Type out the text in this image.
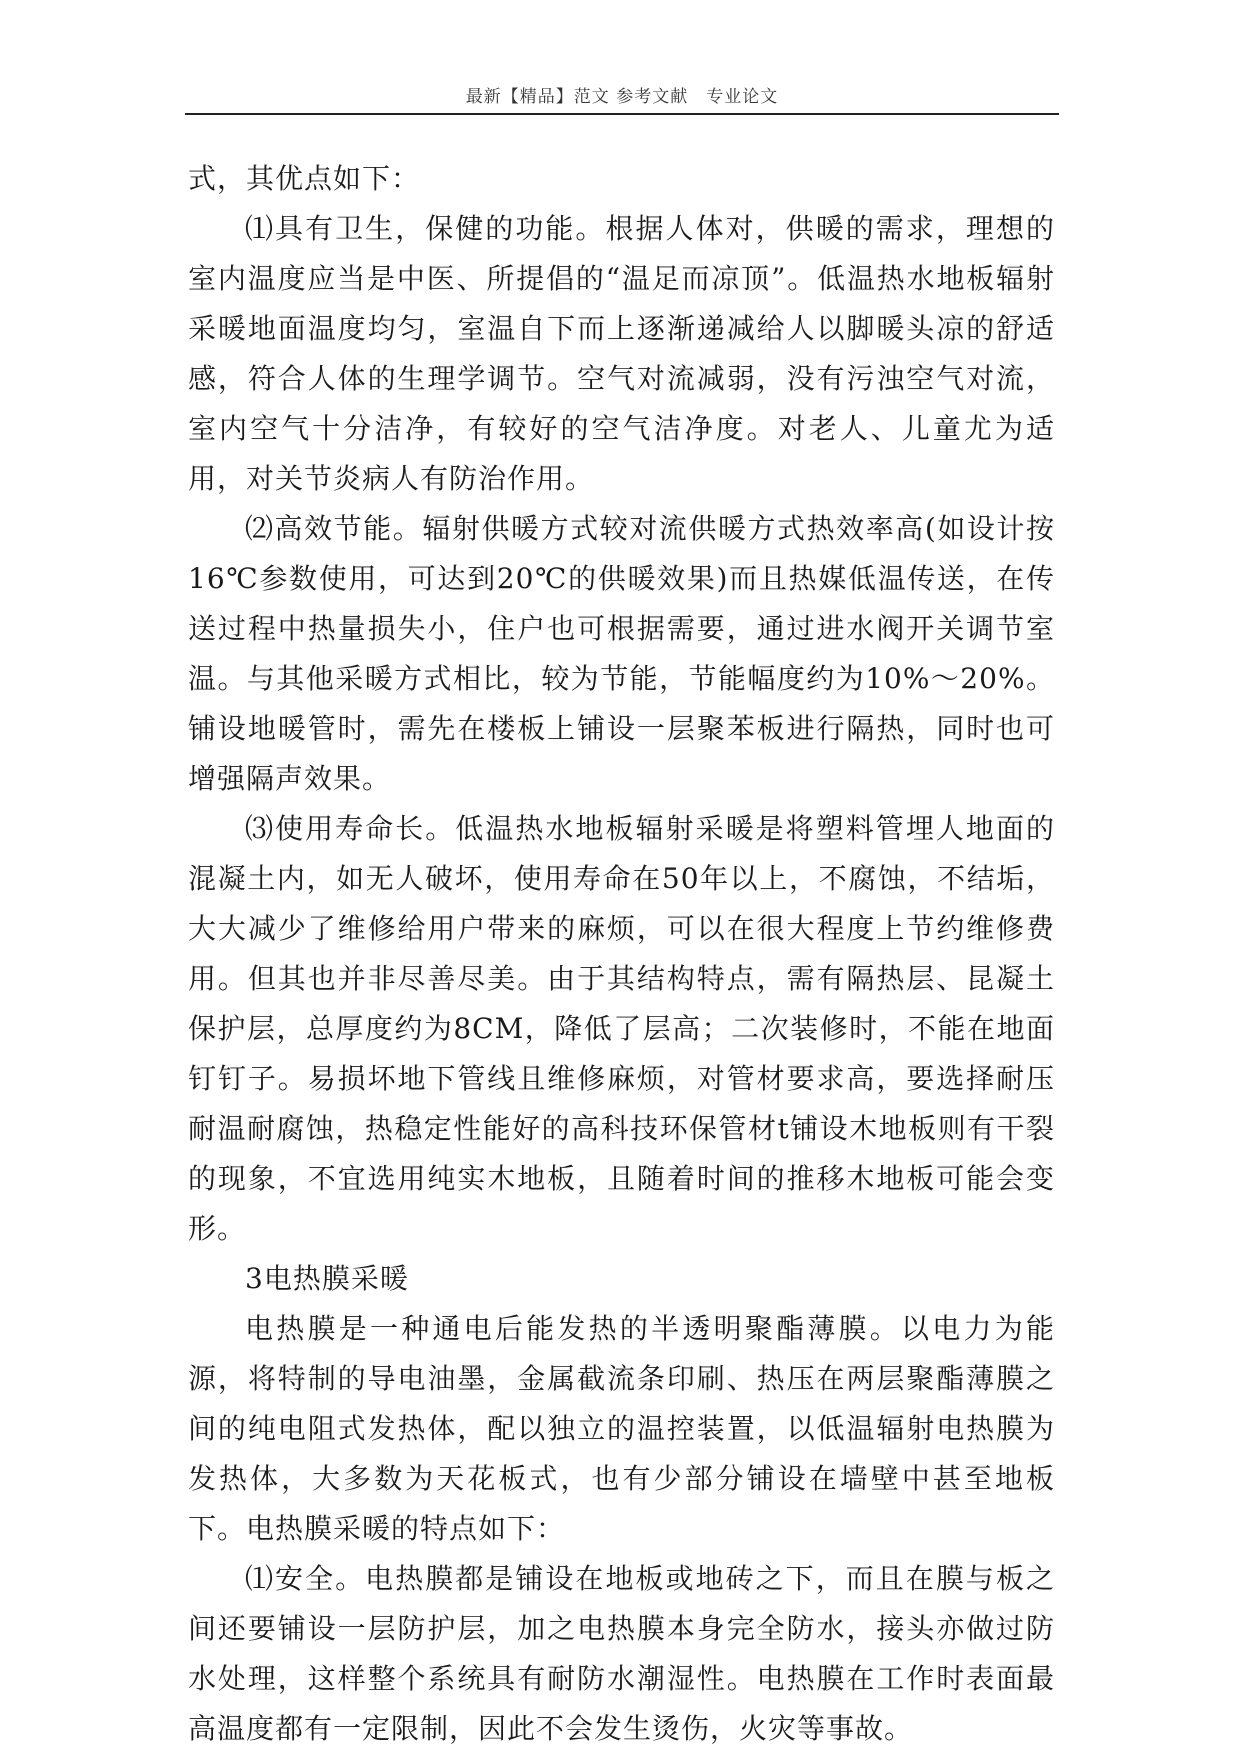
最新【精品】范文 参考文献　专业论文

式，其优点如下：

⑴具有卫生，保健的功能。根据人体对，供暖的需求，理想的室内温度应当是中医、所提倡的“温足而凉顶”。低温热水地板辐射采暖地面温度均匀，室温自下而上逐渐递减给人以脚暖头凉的舒适感，符合人体的生理学调节。空气对流减弱，没有污浊空气对流，室内空气十分洁净，有较好的空气洁净度。对老人、儿童尤为适用，对关节炎病人有防治作用。

⑵高效节能。辐射供暖方式较对流供暖方式热效率高(如设计按16℃参数使用，可达到20℃的供暖效果)而且热媒低温传送，在传送过程中热量损失小，住户也可根据需要，通过进水阀开关调节室温。与其他采暖方式相比，较为节能，节能幅度约为10%～20%。铺设地暖管时，需先在楼板上铺设一层聚苯板进行隔热，同时也可增强隔声效果。

⑶使用寿命长。低温热水地板辐射采暖是将塑料管埋人地面的混凝土内，如无人破坏，使用寿命在50年以上，不腐蚀，不结垢，大大减少了维修给用户带来的麻烦，可以在很大程度上节约维修费用。但其也并非尽善尽美。由于其结构特点，需有隔热层、昆凝土保护层，总厚度约为8CM，降低了层高；二次装修时，不能在地面钉钉子。易损坏地下管线且维修麻烦，对管材要求高，要选择耐压耐温耐腐蚀，热稳定性能好的高科技环保管材t铺设木地板则有干裂的现象，不宜选用纯实木地板，且随着时间的推移木地板可能会变形。

3电热膜采暖

电热膜是一种通电后能发热的半透明聚酯薄膜。以电力为能源，将特制的导电油墨，金属截流条印刷、热压在两层聚酯薄膜之间的纯电阻式发热体，配以独立的温控装置，以低温辐射电热膜为发热体，大多数为天花板式，也有少部分铺设在墙壁中甚至地板下。电热膜采暖的特点如下：

⑴安全。电热膜都是铺设在地板或地砖之下，而且在膜与板之间还要铺设一层防护层，加之电热膜本身完全防水，接头亦做过防水处理，这样整个系统具有耐防水潮湿性。电热膜在工作时表面最高温度都有一定限制，因此不会发生烫伤，火灾等事故。
